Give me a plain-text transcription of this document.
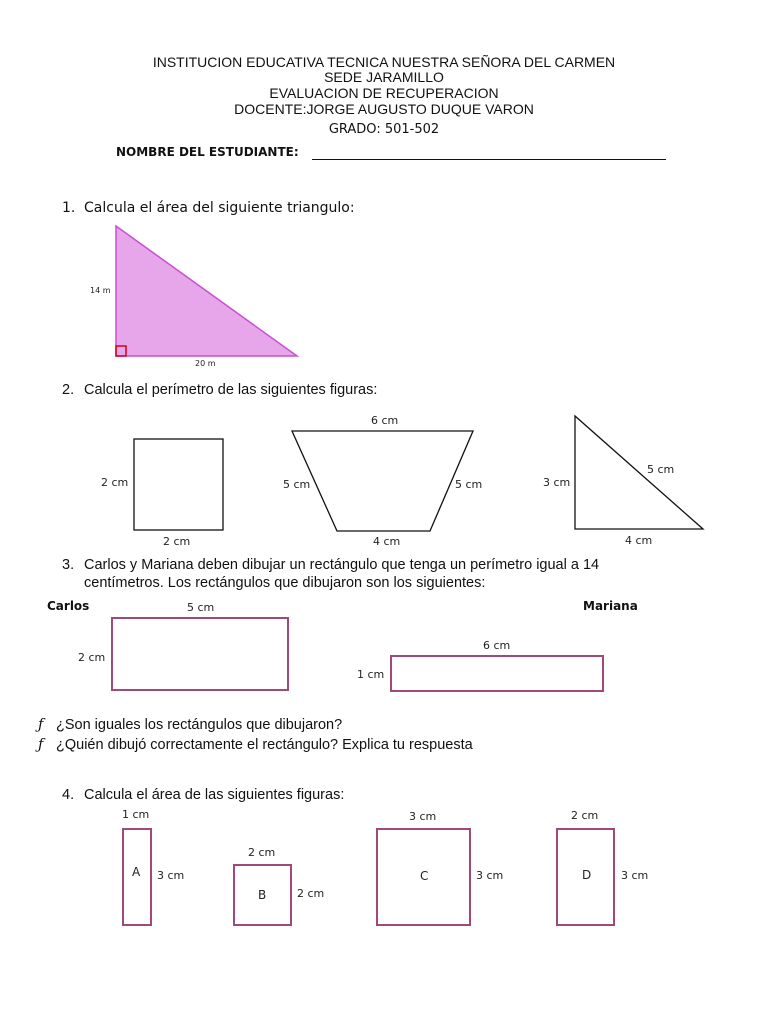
INSTITUCION EDUCATIVA TECNICA NUESTRA SEÑORA DEL CARMEN
SEDE JARAMILLO
EVALUACION DE RECUPERACION
DOCENTE:JORGE AUGUSTO DUQUE VARON
GRADO: 501-502
NOMBRE DEL ESTUDIANTE:
1. Calcula el área del siguiente triangulo:
14 m
20 m
2. Calcula el perímetro de las siguientes figuras:
2 cm
2 cm
6 cm
5 cm	5 cm
4 cm
3 cm
5 cm
4 cm
3. Carlos y Mariana deben dibujar un rectángulo que tenga un perímetro igual a 14
centímetros. Los rectángulos que dibujaron son los siguientes:
Carlos	Mariana
5 cm
2 cm
6 cm
1 cm
ƒ ¿Son iguales los rectángulos que dibujaron?
ƒ ¿Quién dibujó correctamente el rectángulo? Explica tu respuesta
4. Calcula el área de las siguientes figuras:
1 cm
A 3 cm
2 cm
B	2 cm
3 cm
C	3 cm
2 cm
D	3 cm
